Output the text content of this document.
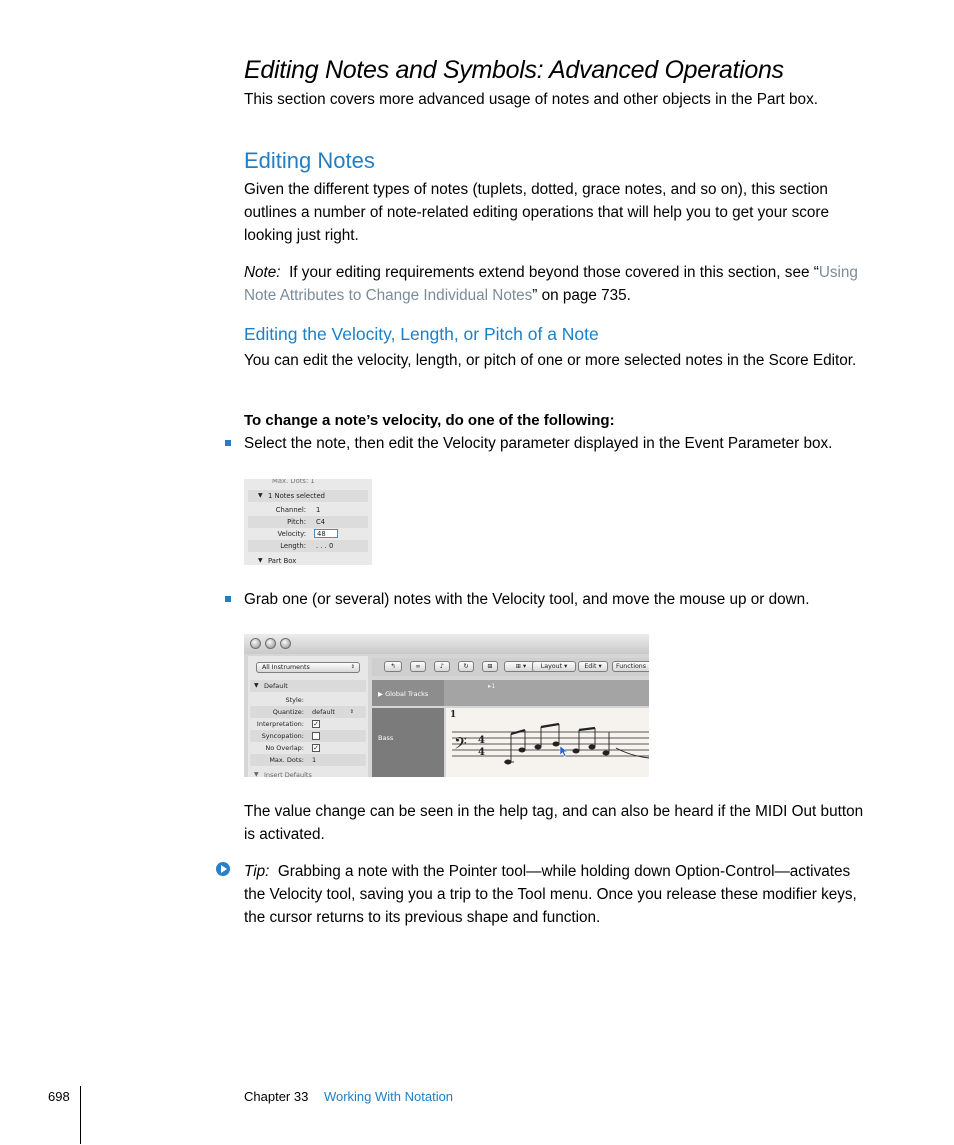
Editing Notes and Symbols: Advanced Operations
This section covers more advanced usage of notes and other objects in the Part box.
Editing Notes
Given the different types of notes (tuplets, dotted, grace notes, and so on), this section outlines a number of note-related editing operations that will help you to get your score looking just right.
Note: If your editing requirements extend beyond those covered in this section, see “Using Note Attributes to Change Individual Notes” on page 735.
Editing the Velocity, Length, or Pitch of a Note
You can edit the velocity, length, or pitch of one or more selected notes in the Score Editor.
To change a note’s velocity, do one of the following:
Select the note, then edit the Velocity parameter displayed in the Event Parameter box.
Max. Dots: 1
▼ 1 Notes selected
Channel: 1
Pitch: C4
Velocity:	48
Length: . . . 0
▼ Part Box
Grab one (or several) notes with the Velocity tool, and move the mouse up or down.
All Instruments	⇕
▼ Default
Style:
Quantize: default	⇕
Interpretation: ✓
Syncopation:
No Overlap: ✓
Max. Dots: 1
▼ Insert Defaults
↰	∞	♪	↻	⊞	⊞ ▾	Layout ▾	Edit ▾	Functions
▶ Global Tracks
▸1
Bass
1
𝄢 4
4
The value change can be seen in the help tag, and can also be heard if the MIDI Out button is activated.
Tip: Grabbing a note with the Pointer tool—while holding down Option-Control—activates the Velocity tool, saving you a trip to the Tool menu. Once you release these modifier keys, the cursor returns to its previous shape and function.
698	Chapter 33 Working With Notation
